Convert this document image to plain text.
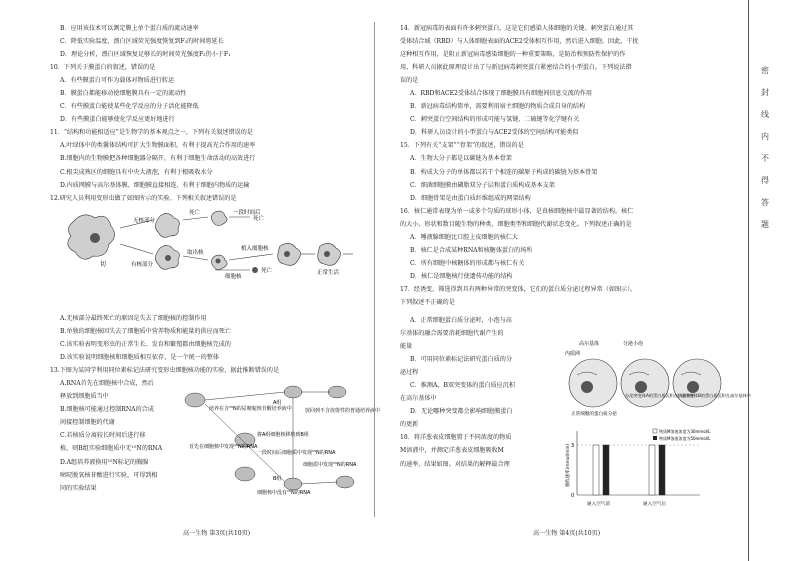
B．应用该技术可以测定膜上单个蛋白质的流动速率
C．降低实验温度，漂白区域荧光强度恢复到F₂的时间将延长
D．理论分析，漂白区域恢复足够长的时间荧光强度F₂仍小于F₁
10．下列关于膜蛋白的叙述，错误的是
A．有些膜蛋白可作为载体对物质进行转运
B．膜蛋白都能移动使细胞膜具有一定的流动性
C．有些膜蛋白能使某些化学反应的分子活化能降低
D．有些膜蛋白能够使化学反应更好地进行
11．“结构和功能相适应”是生物学的基本观点之一，下列有关叙述错误的是
A.叶绿体中的类囊体结构可扩大生物膜面积，有利于提高光合作用的速率
B.细胞内的生物膜把各种细胞器分隔开，有利于细胞生命活动的高效进行
C.根尖成熟区的细胞具有中央大液泡，有利于根吸收水分
D.内质网膜与高尔基体膜、细胞膜直接相连，有利于细胞内物质的运输
12.研究人员利用变形虫做了如图所示的实验。下列相关叙述错误的是
切
无核部分
有核部分
死亡	一段时间后
死亡
取出核
植入细胞核
正常生活
细胞核
死亡
A.无核部分最终死亡的原因是失去了细胞核的控制作用
B.单独的细胞核因失去了细胞质中营养物质和能量的供应而死亡
C.该实验表明变形虫的正常生长、发育和繁殖都由细胞核完成的
D.该实验说明细胞核和细胞质相互依存，是一个统一的整体
13.下图为某同学利用同位素标记法研究变形虫细胞核功能的实验，据此推断错误的是
A.RNA首先在细胞核中合成，然后
释放到细胞质当中
B.细胞核可能通过控制RNA的合成
间接控制细胞的代谢
C.若核质分离较长时间后进行移
植，则B组实验细胞质中无¹⁵N的RNA
D.A组培养液换用¹⁵N标记的胸腺
嘧啶脱氧核苷酸进行实验，可得到相
同的实验结果
培养在含¹⁵N的尿嘧啶核苷酸培养液中
A组
B组
将A组细胞核移植到B组
首先在细胞核中发现¹⁵N的RNA
一段时间后细胞质中发现¹⁵N的RNA
放回到不含放射性的普通培养液中
细胞核中没有¹⁵N的RNA
细胞质中发现¹⁵N的RNA
高一生物 第3页(共10页)
14．新冠病毒的表面有许多刺突蛋白，这是它们感染人体细胞的关键。刺突蛋白通过其
受体结合域（RBD）与人体细胞表面的ACE2受体相互作用，然后进入细胞。因此，干扰
这种相互作用，是阻止新冠病毒感染细胞的一种重要策略，是防治和预防性保护的作
用，科研人员据此原理设计出了与新冠病毒刺突蛋白紧密结合的小型蛋白。下列说法错
误的是
A．RBD和ACE2受体结合体现了细胞膜具有细胞间信息交流的作用
B．新冠病毒结构简单，需要利用宿主细胞的物质合成自身的结构
C．刺突蛋白空间结构的形成可能与氢键、二硫键等化学键有关
D．科研人员设计的小型蛋白与ACE2受体的空间结构可能类似
15．下列有关“支架”“骨架”的叙述，错误的是
A．生物大分子都是以碳链为基本骨架
B．构成大分子的单体都以若干个相连的碳原子构成的碳链为基本骨架
C．细菌细胞膜由磷脂双分子层和蛋白质构成基本支架
D．细胞骨架是由蛋白质纤维组成的网架结构
16．核仁通常表现为单一或多个匀质的球形小体，是真核细胞核中最显著的结构。核仁
的大小、形状和数目随生物的种类、细胞类型和细胞代谢状态变化。下列叙述正确的是
A．唾液腺细胞比口腔上皮细胞的核仁大
B．核仁是合成某种RNA和核糖体蛋白的场所
C．所有细胞中核糖体的形成都与核仁有关
D．核仁是细胞核行使遗传功能的结构
17．经诱变，筛选得到具有两种异常的突变体，它们的蛋白质分泌过程异常（如图示）。
下列叙述不正确的是
A．正常细胞蛋白质分泌时，小泡与高
尔基体的融合需要消耗细胞代谢产生的
能量
B．可用同位素标记法研究蛋白质的分
泌过程
C．推测A、B双突变体的蛋白质应沉积
在高尔基体中
D．无论哪种突变都会影响细胞膜蛋白
的更新
18．将洋葱表皮细胞置于不同浓度的物质
M溶液中，并测定洋葱表皮细胞吸收M
的速率，结果如图。对结果的解释最合理
高尔基体	分泌小泡
内质网
正常细胞的蛋白质分泌
分泌突变体A的蛋白质沉积在内质网中
分泌突变体B的蛋白质沉积在高尔基体中
3
0
吸收速率(mmol/min)
通入空气前	通入空气后
物质M溶液浓度为30mmol/L
物质M溶液浓度为50mmol/L
高一生物 第4页(共10页)
密
封
线
内
不
得
答
题
